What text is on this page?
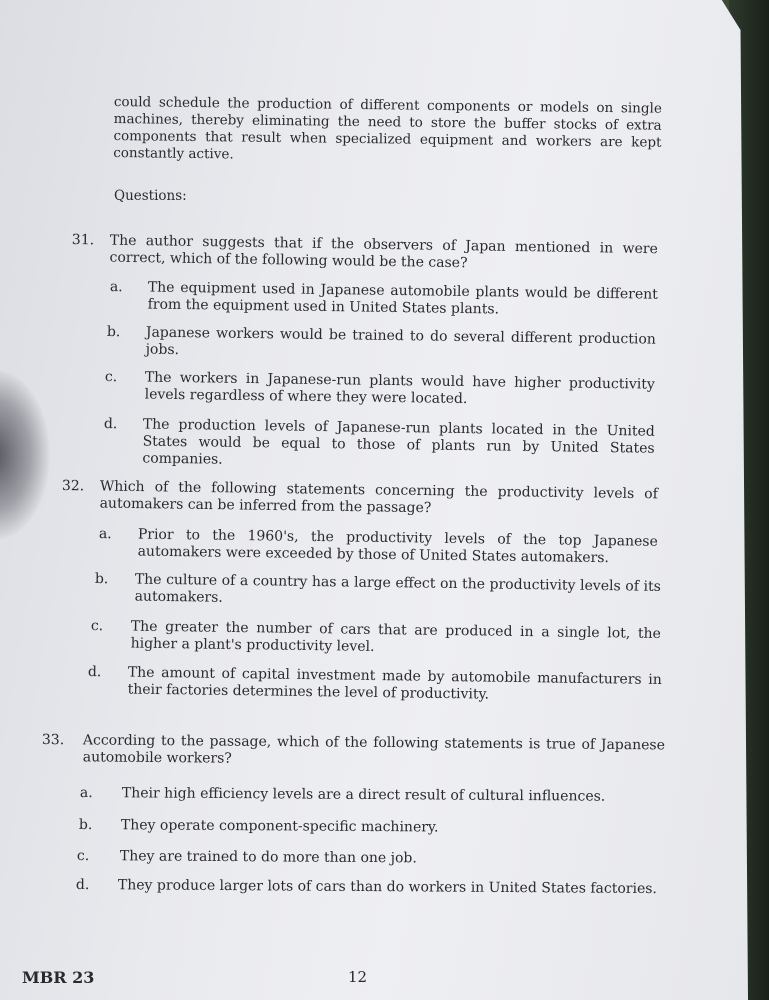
could schedule the production of different components or models on single machines, thereby eliminating the need to store the buffer stocks of extra components that result when specialized equipment and workers are kept constantly active.
Questions:
31. The author suggests that if the observers of Japan mentioned in were correct, which of the following would be the case?
a. The equipment used in Japanese automobile plants would be different from the equipment used in United States plants.
b. Japanese workers would be trained to do several different production jobs.
c. The workers in Japanese-run plants would have higher productivity levels regardless of where they were located.
d. The production levels of Japanese-run plants located in the United States would be equal to those of plants run by United States companies.
32. Which of the following statements concerning the productivity levels of automakers can be inferred from the passage?
a. Prior to the 1960's, the productivity levels of the top Japanese automakers were exceeded by those of United States automakers.
b. The culture of a country has a large effect on the productivity levels of its automakers.
c. The greater the number of cars that are produced in a single lot, the higher a plant's productivity level.
d. The amount of capital investment made by automobile manufacturers in their factories determines the level of productivity.
33. According to the passage, which of the following statements is true of Japanese automobile workers?
a. Their high efficiency levels are a direct result of cultural influences.
b. They operate component-specific machinery.
c. They are trained to do more than one job.
d. They produce larger lots of cars than do workers in United States factories.
MBR 23	12
